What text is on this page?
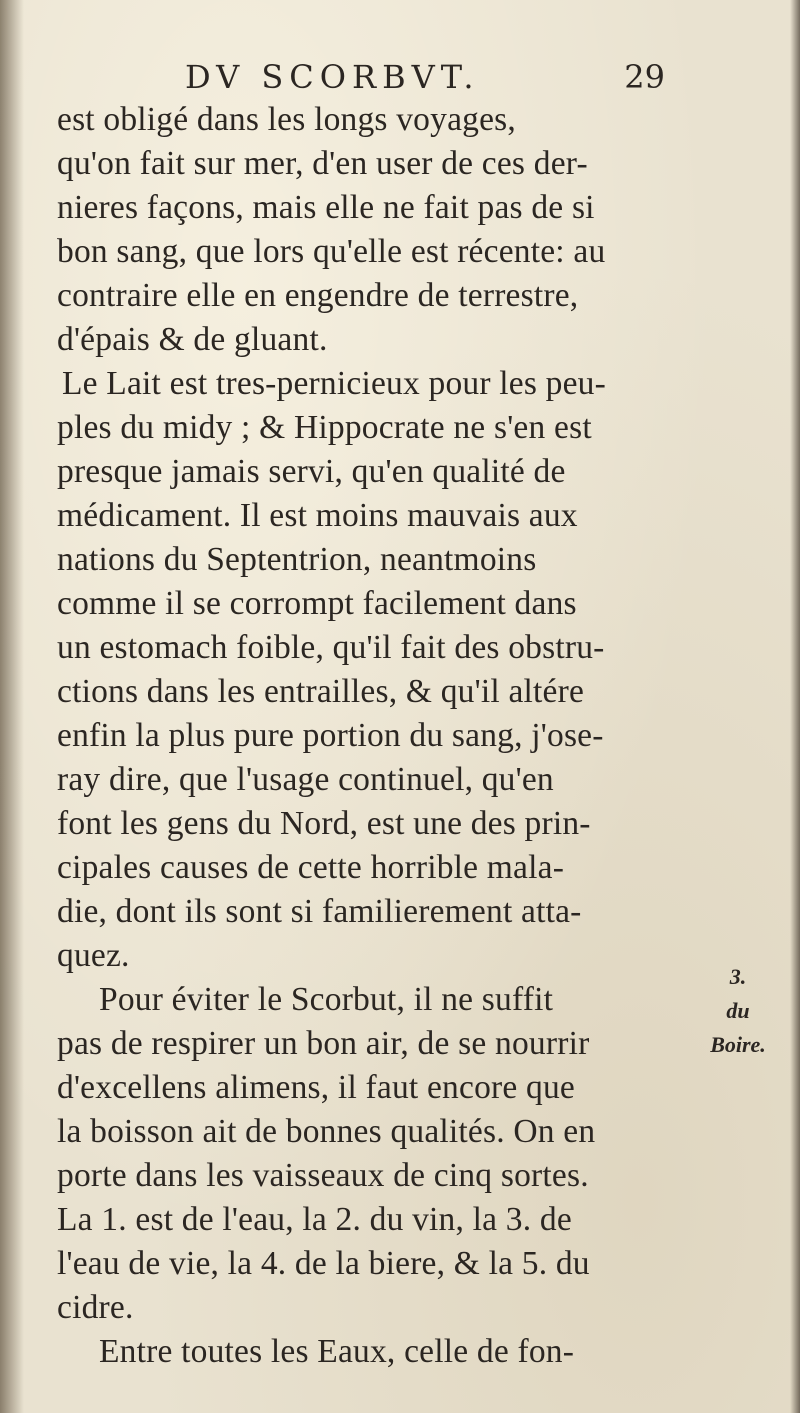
DV SCORBVT.	29
est obligé dans les longs voyages,
qu'on fait sur mer, d'en user de ces der-
nieres façons, mais elle ne fait pas de si
bon sang, que lors qu'elle est récente: au
contraire elle en engendre de terrestre,
d'épais & de gluant.
Le Lait est tres-pernicieux pour les peu-
ples du midy ; & Hippocrate ne s'en est
presque jamais servi, qu'en qualité de
médicament. Il est moins mauvais aux
nations du Septentrion, neantmoins
comme il se corrompt facilement dans
un estomach foible, qu'il fait des obstru-
ctions dans les entrailles, & qu'il altére
enfin la plus pure portion du sang, j'ose-
ray dire, que l'usage continuel, qu'en
font les gens du Nord, est une des prin-
cipales causes de cette horrible mala-
die, dont ils sont si familierement atta-
quez.
Pour éviter le Scorbut, il ne suffit
pas de respirer un bon air, de se nourrir
d'excellens alimens, il faut encore que
la boisson ait de bonnes qualités. On en
porte dans les vaisseaux de cinq sortes.
La 1. est de l'eau, la 2. du vin, la 3. de
l'eau de vie, la 4. de la biere, & la 5. du
cidre.
Entre toutes les Eaux, celle de fon-
3.
du
Boire.
